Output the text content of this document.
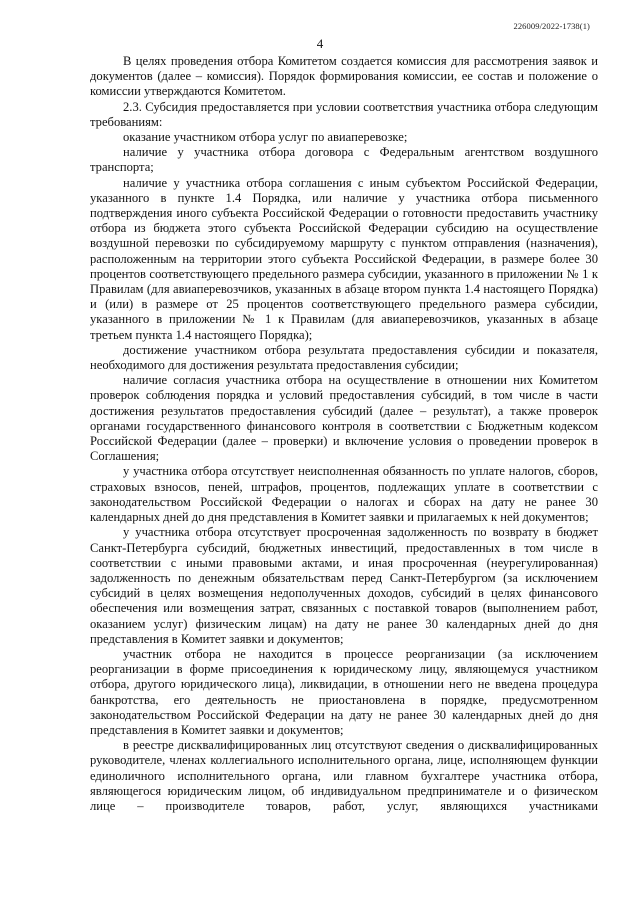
226009/2022-1738(1)
4

В целях проведения отбора Комитетом создается комиссия для рассмотрения заявок и документов (далее – комиссия). Порядок формирования комиссии, ее состав и положение о комиссии утверждаются Комитетом.

2.3. Субсидия предоставляется при условии соответствия участника отбора следующим требованиям:

оказание участником отбора услуг по авиаперевозке;

наличие у участника отбора договора с Федеральным агентством воздушного транспорта;

наличие у участника отбора соглашения с иным субъектом Российской Федерации, указанного в пункте 1.4 Порядка, или наличие у участника отбора письменного подтверждения иного субъекта Российской Федерации о готовности предоставить участнику отбора из бюджета этого субъекта Российской Федерации субсидию на осуществление воздушной перевозки по субсидируемому маршруту с пунктом отправления (назначения), расположенным на территории этого субъекта Российской Федерации, в размере более 30 процентов соответствующего предельного размера субсидии, указанного в приложении № 1 к Правилам (для авиаперевозчиков, указанных в абзаце втором пункта 1.4 настоящего Порядка) и (или) в размере от 25 процентов соответствующего предельного размера субсидии, указанного в приложении № 1 к Правилам (для авиаперевозчиков, указанных в абзаце третьем пункта 1.4 настоящего Порядка);

достижение участником отбора результата предоставления субсидии и показателя, необходимого для достижения результата предоставления субсидии;

наличие согласия участника отбора на осуществление в отношении них Комитетом проверок соблюдения порядка и условий предоставления субсидий, в том числе в части достижения результатов предоставления субсидий (далее – результат), а также проверок органами государственного финансового контроля в соответствии с Бюджетным кодексом Российской Федерации (далее – проверки) и включение условия о проведении проверок в Соглашения;

у участника отбора отсутствует неисполненная обязанность по уплате налогов, сборов, страховых взносов, пеней, штрафов, процентов, подлежащих уплате в соответствии с законодательством Российской Федерации о налогах и сборах на дату не ранее 30 календарных дней до дня представления в Комитет заявки и прилагаемых к ней документов;

у участника отбора отсутствует просроченная задолженность по возврату в бюджет Санкт-Петербурга субсидий, бюджетных инвестиций, предоставленных в том числе в соответствии с иными правовыми актами, и иная просроченная (неурегулированная) задолженность по денежным обязательствам перед Санкт-Петербургом (за исключением субсидий в целях возмещения недополученных доходов, субсидий в целях финансового обеспечения или возмещения затрат, связанных с поставкой товаров (выполнением работ, оказанием услуг) физическим лицам) на дату не ранее 30 календарных дней до дня представления в Комитет заявки и документов;

участник отбора не находится в процессе реорганизации (за исключением реорганизации в форме присоединения к юридическому лицу, являющемуся участником отбора, другого юридического лица), ликвидации, в отношении него не введена процедура банкротства, его деятельность не приостановлена в порядке, предусмотренном законодательством Российской Федерации на дату не ранее 30 календарных дней до дня представления в Комитет заявки и документов;

в реестре дисквалифицированных лиц отсутствуют сведения о дисквалифицированных руководителе, членах коллегиального исполнительного органа, лице, исполняющем функции единоличного исполнительного органа, или главном бухгалтере участника отбора, являющегося юридическим лицом, об индивидуальном предпринимателе и о физическом лице – производителе товаров, работ, услуг, являющихся участниками
